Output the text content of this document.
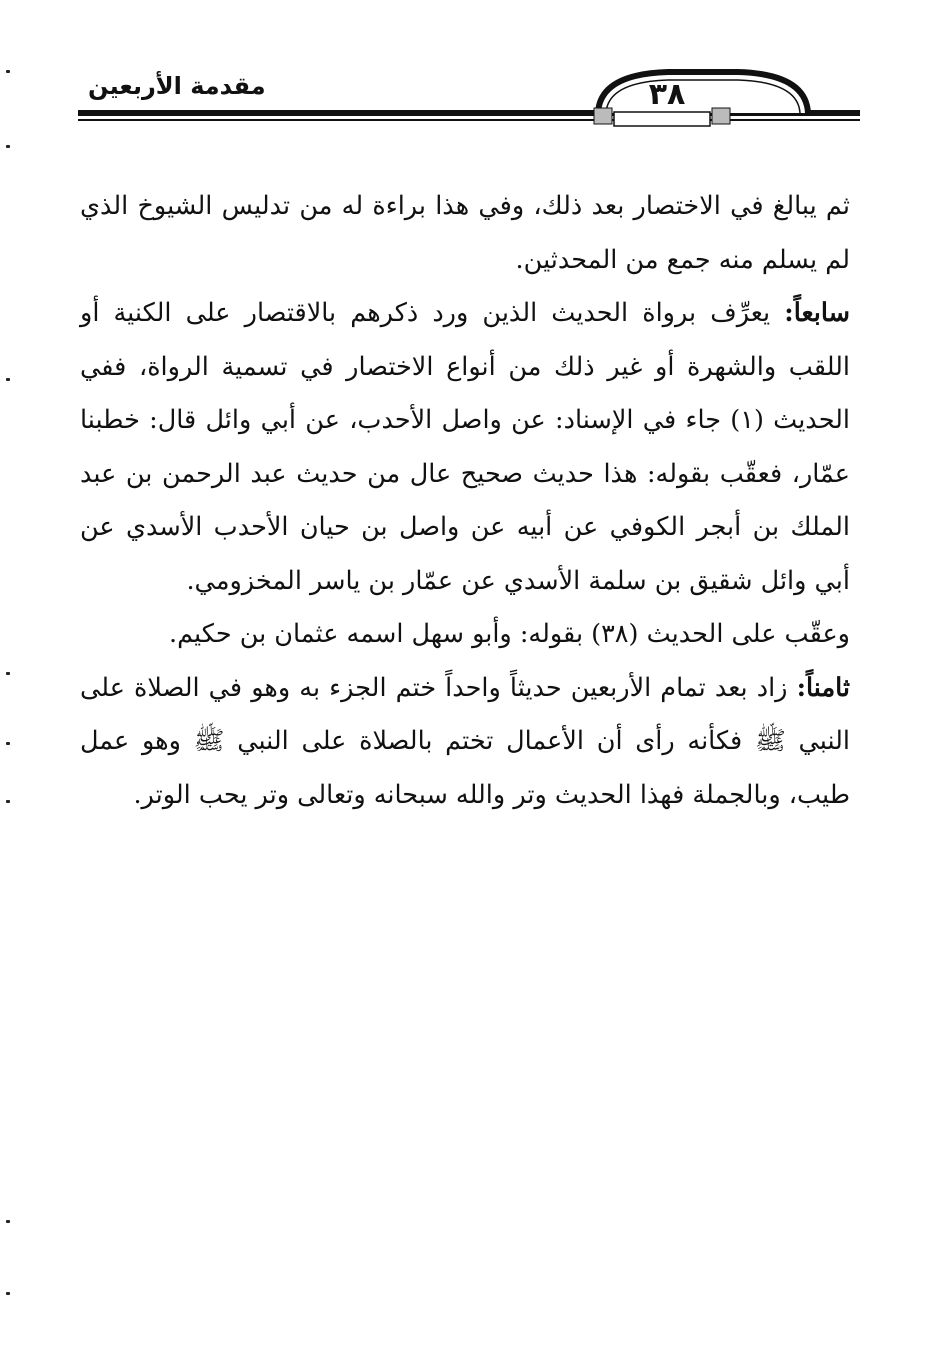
مقدمة الأربعين	٣٨

ثم يبالغ في الاختصار بعد ذلك، وفي هذا براءة له من تدليس الشيوخ الذي لم يسلم منه جمع من المحدثين.

سابعاً: يعرِّف برواة الحديث الذين ورد ذكرهم بالاقتصار على الكنية أو اللقب والشهرة أو غير ذلك من أنواع الاختصار في تسمية الرواة، ففي الحديث (١) جاء في الإسناد: عن واصل الأحدب، عن أبي وائل قال: خطبنا عمّار، فعقّب بقوله: هذا حديث صحيح عال من حديث عبد الرحمن بن عبد الملك بن أبجر الكوفي عن أبيه عن واصل بن حيان الأحدب الأسدي عن أبي وائل شقيق بن سلمة الأسدي عن عمّار بن ياسر المخزومي.

وعقّب على الحديث (٣٨) بقوله: وأبو سهل اسمه عثمان بن حكيم.

ثامناً: زاد بعد تمام الأربعين حديثاً واحداً ختم الجزء به وهو في الصلاة على النبي ﷺ فكأنه رأى أن الأعمال تختم بالصلاة على النبي ﷺ وهو عمل طيب، وبالجملة فهذا الحديث وتر والله سبحانه وتعالى وتر يحب الوتر.
